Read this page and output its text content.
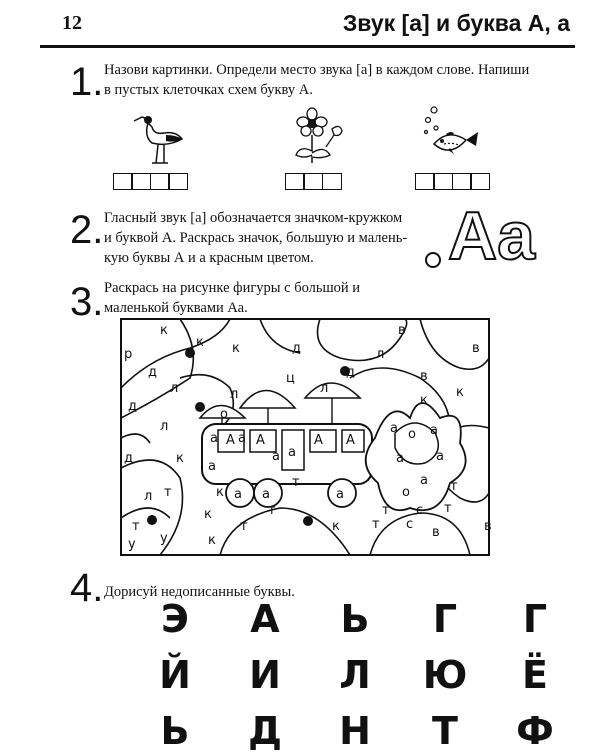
12	Звук [а] и буква А, а
1. Назови картинки. Определи место звука [а] в каждом слове. Напиши
в пустых клеточках схем букву А.
2. Гласный звук [а] обозначается значком-кружком
и буквой А. Раскрась значок, большую и малень-
кую буквы А и а красным цветом.	Aa
3. Раскрась на рисунке фигуры с большой и
маленькой буквами Аа.
к
к
в
р	к	д	в
д	д
л
л
ц
л
в
л
д
о
л
к
к
а
д
а
к
А А	А А
а
а
а о а
а а
а
т	а	а
а
а
о	т
л
к
к
с
т
т
т
т	к
т
в
у	к
в
т
у
с
т
4. Дорисуй недописанные буквы.
Э	А	Ь	Г	Г
Й	И	Л	Ю	Ё
Ь	Д	Н	Т	Ф
